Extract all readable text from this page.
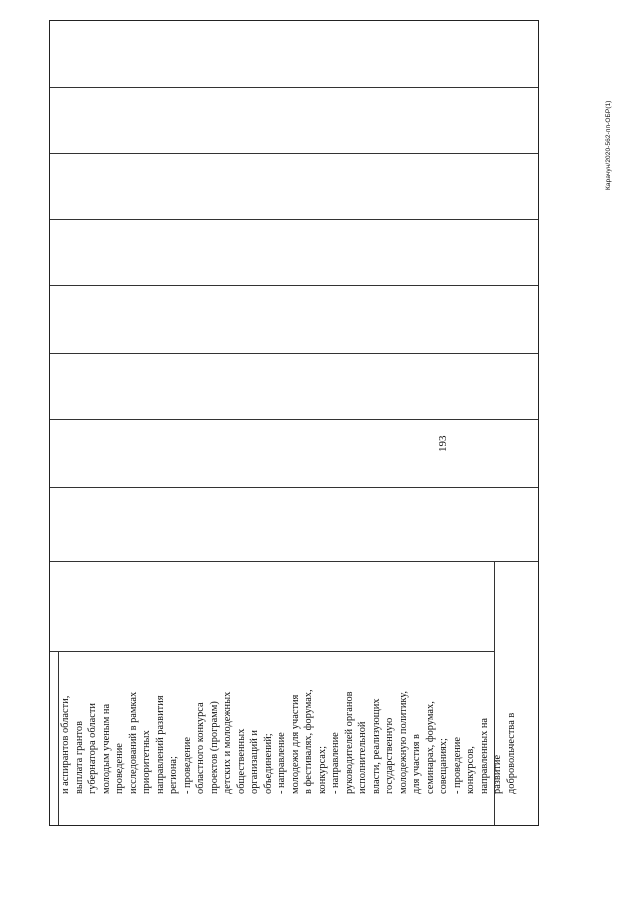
193
Карачун/2020-562-пп-ОБР(1)
и аспирантов области, выплата грантов губернатора области молодым ученым на проведение исследований в рамках приоритетных направлений развития региона; - проведение областного конкурса проектов (программ) детских и молодежных общественных организаций и объединений; - направление молодежи для участия в фестивалях, форумах, конкурсах; - направление руководителей органов исполнительной власти, реализующих государственную молодежную политику, для участия в семинарах, форумах, совещаниях; - проведение конкурсов, направленных на развитие добровольчества в
